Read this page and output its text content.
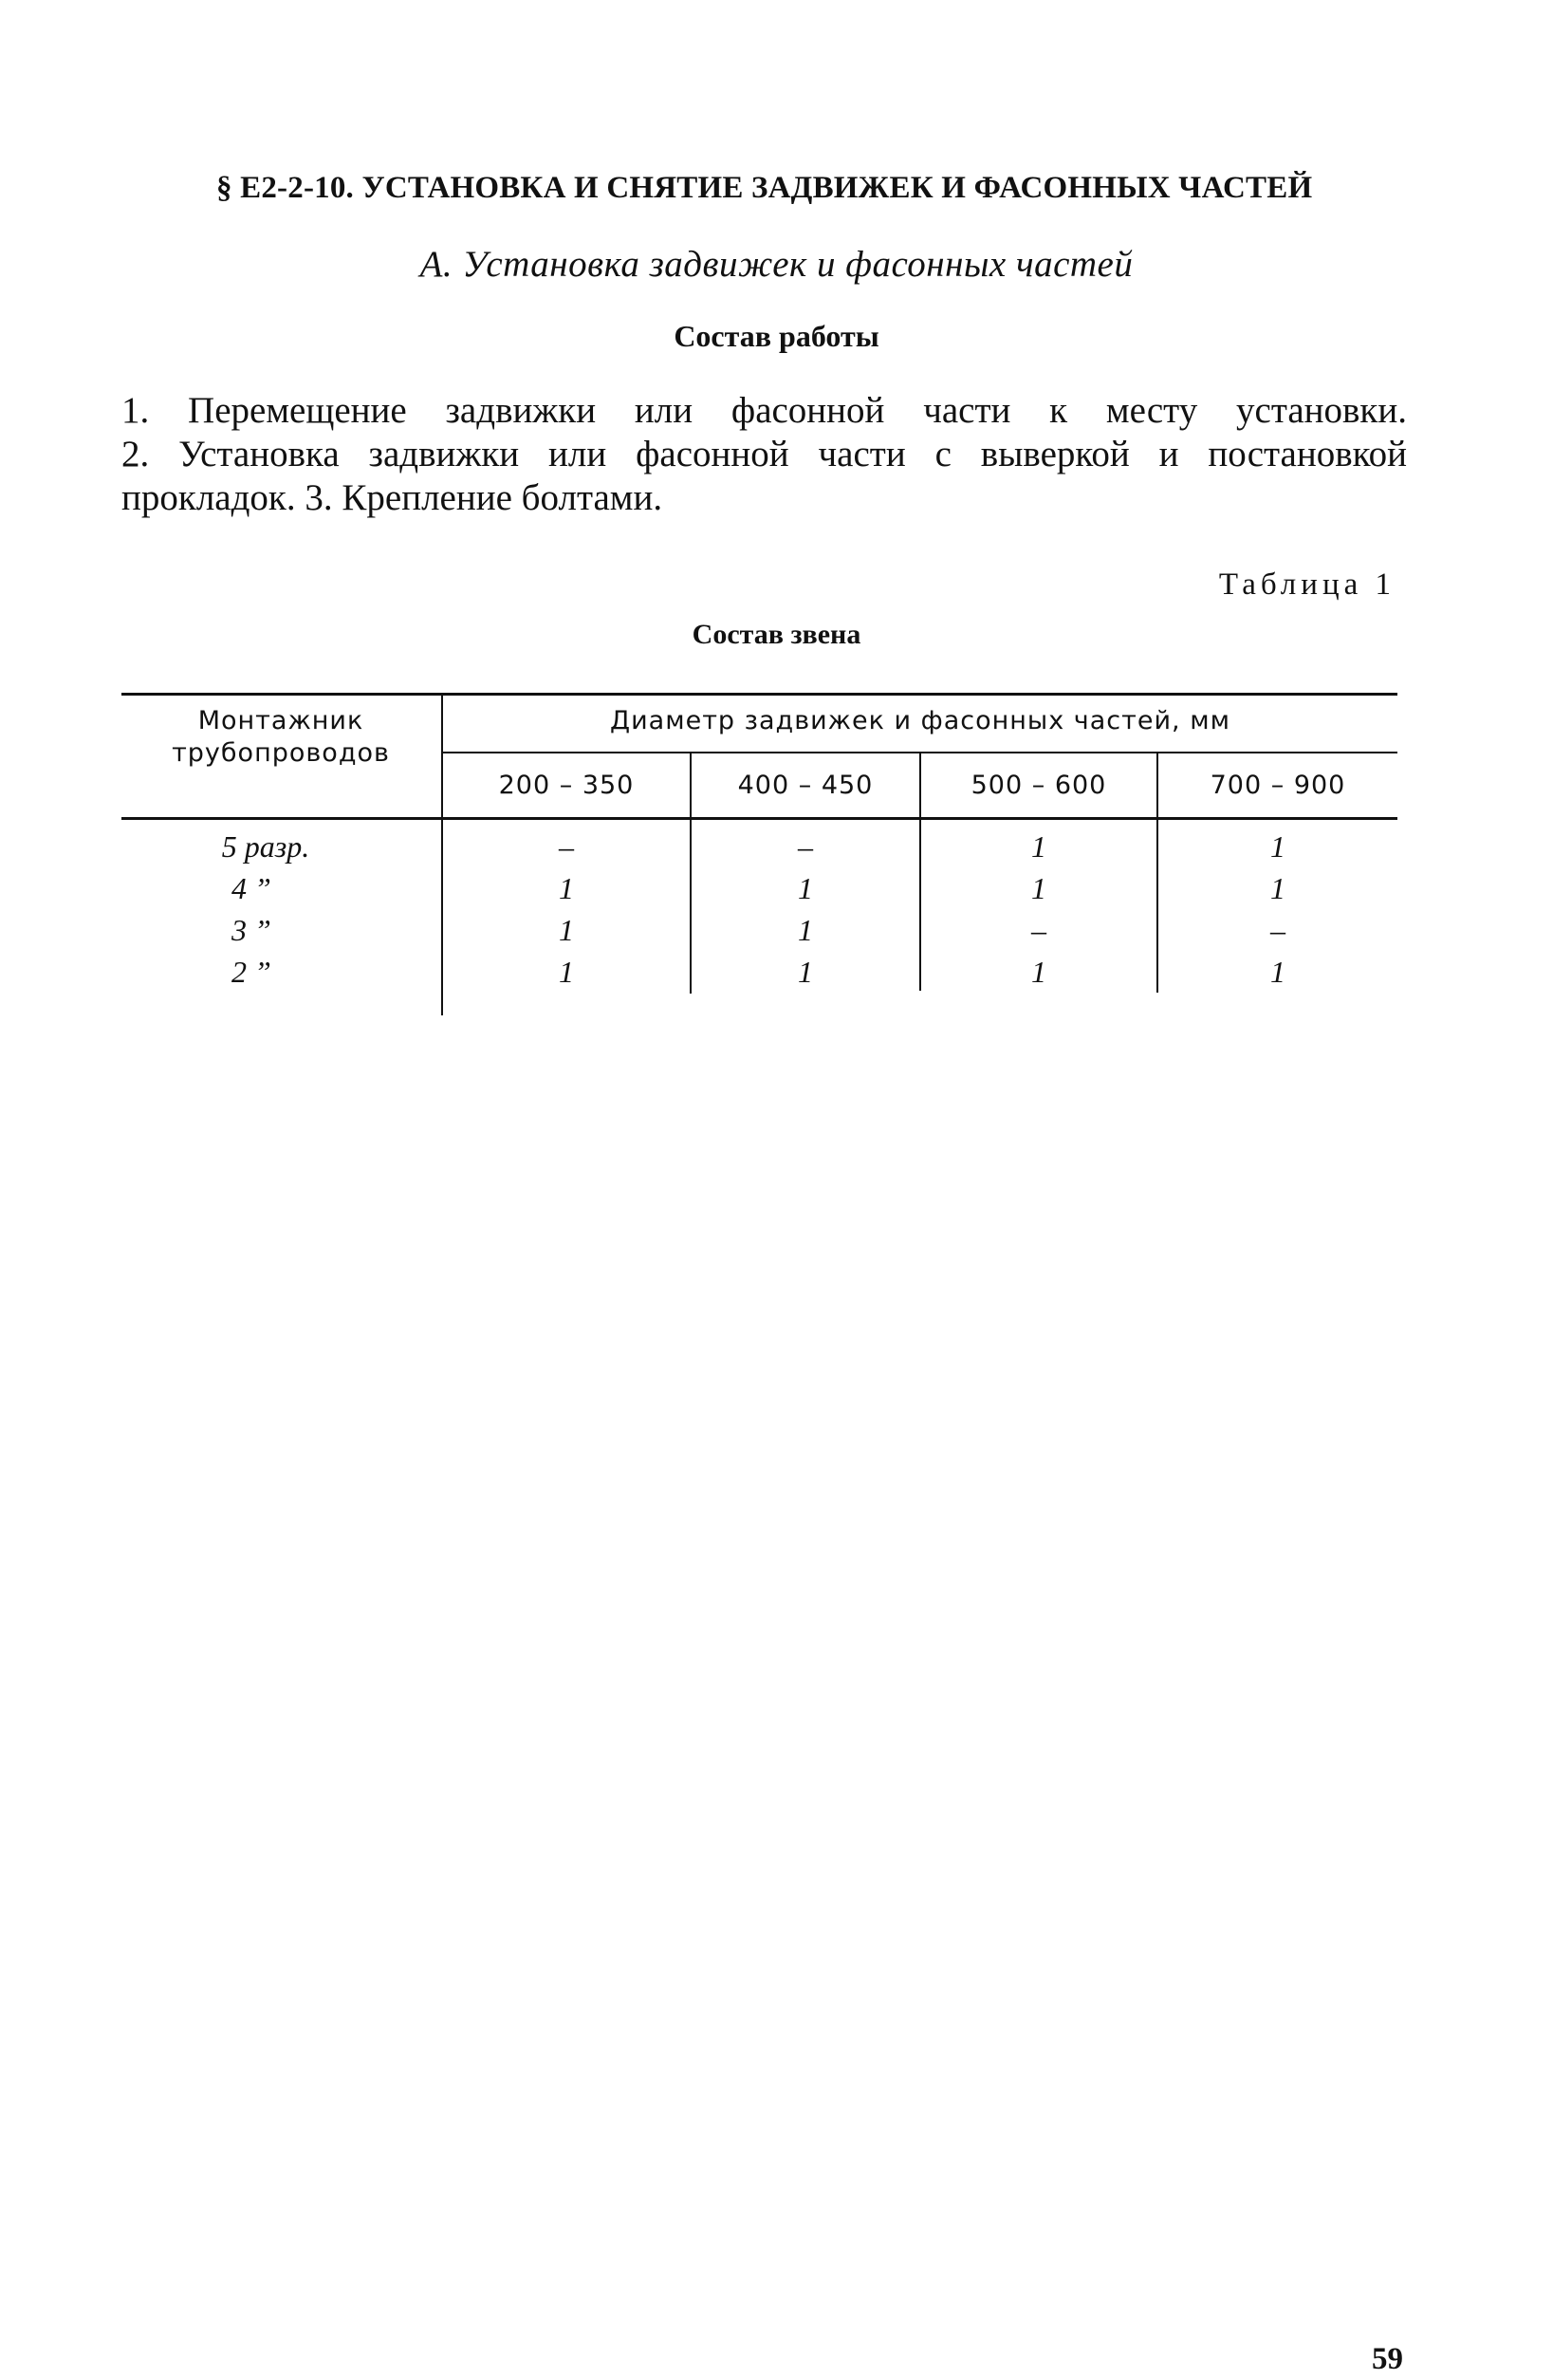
§ Е2-2-10. УСТАНОВКА И СНЯТИЕ ЗАДВИЖЕК И ФАСОННЫХ ЧАСТЕЙ
А. Установка задвижек и фасонных частей
Состав работы
1. Перемещение задвижки или фасонной части к месту установки.
2. Установка задвижки или фасонной части с выверкой и постановкой
прокладок. 3. Крепление болтами.
Таблица 1
Состав звена
Монтажник
трубопроводов
Диаметр задвижек и фасонных частей, мм
200 – 350	400 – 450	500 – 600	700 – 900
5 разр.	–	–	1	1
4 ”	1	1	1	1
3 ”	1	1	–	–
2 ”	1	1	1	1
59
